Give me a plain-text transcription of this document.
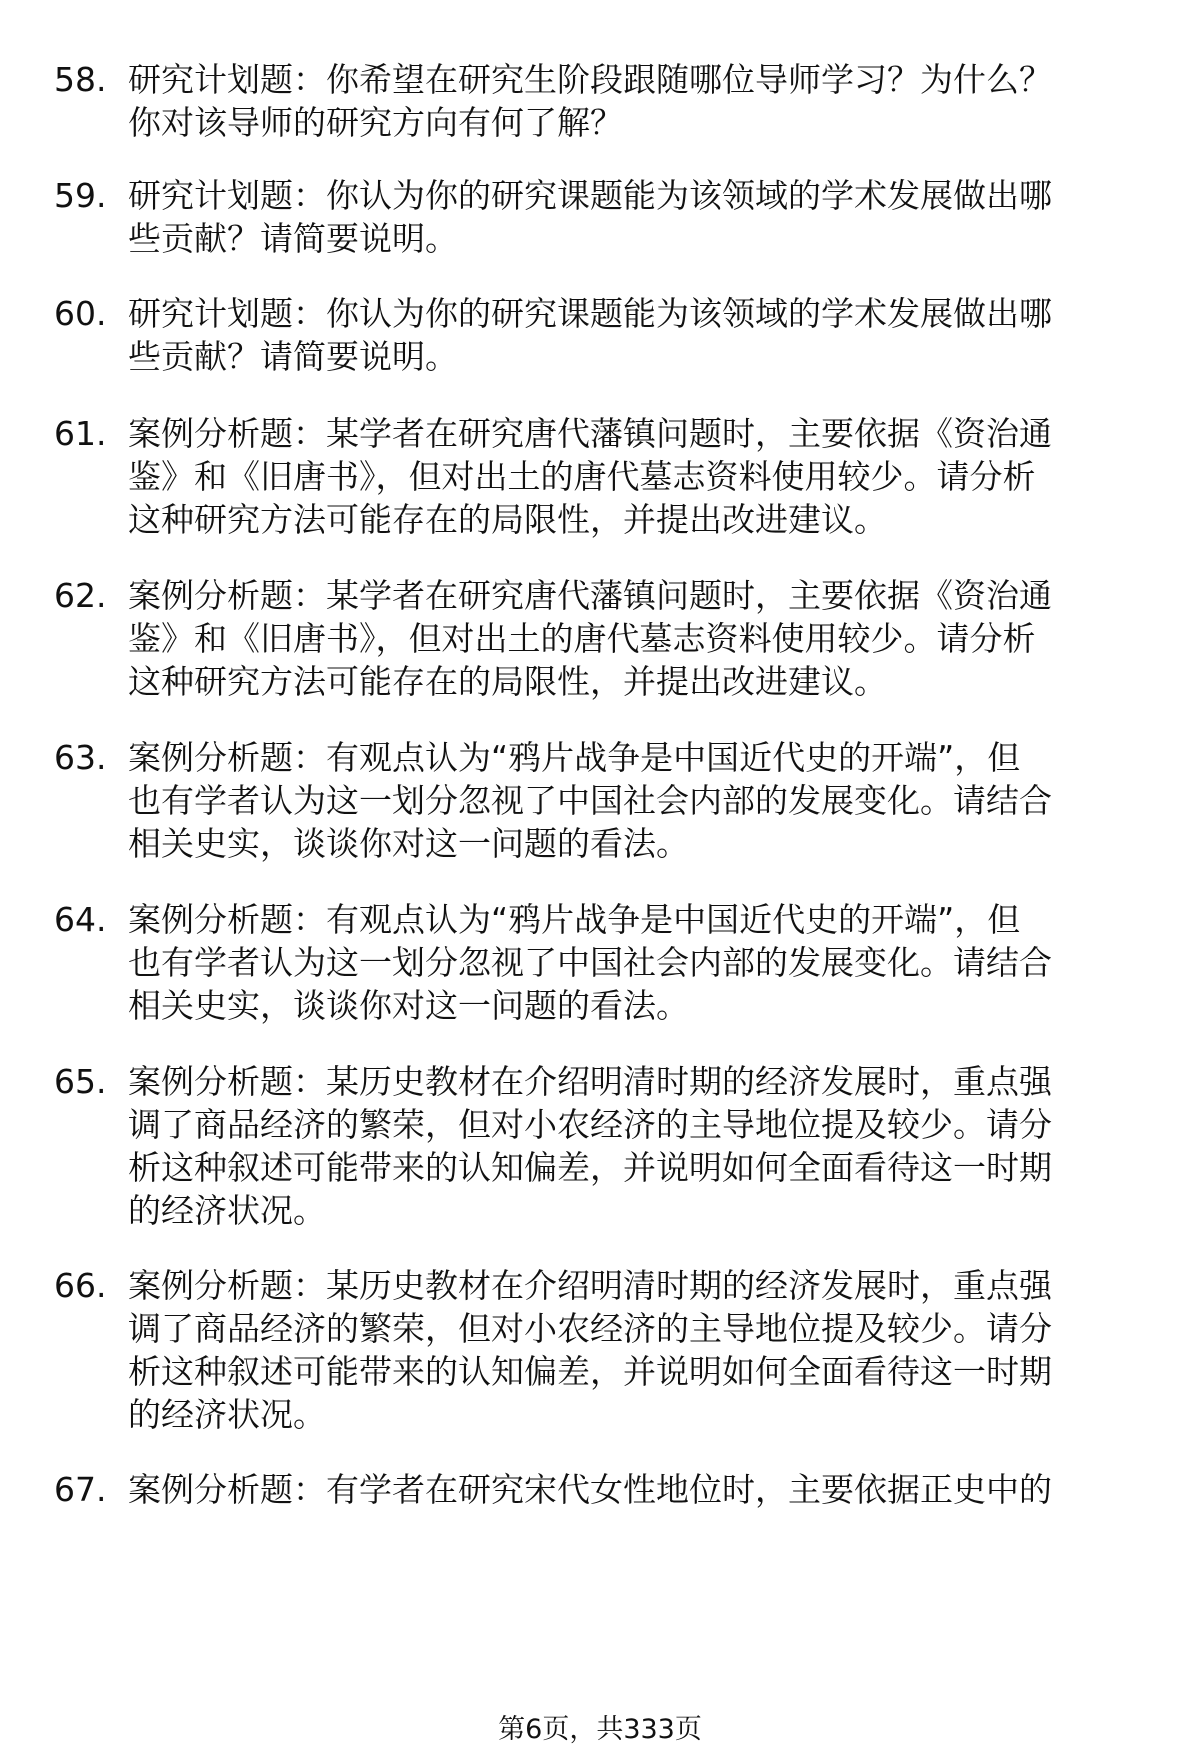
58. 研究计划题：你希望在研究生阶段跟随哪位导师学习？为什么？
你对该导师的研究方向有何了解？
59. 研究计划题：你认为你的研究课题能为该领域的学术发展做出哪
些贡献？请简要说明。
60. 研究计划题：你认为你的研究课题能为该领域的学术发展做出哪
些贡献？请简要说明。
61. 案例分析题：某学者在研究唐代藩镇问题时，主要依据《资治通
鉴》和《旧唐书》，但对出土的唐代墓志资料使用较少。请分析
这种研究方法可能存在的局限性，并提出改进建议。
62. 案例分析题：某学者在研究唐代藩镇问题时，主要依据《资治通
鉴》和《旧唐书》，但对出土的唐代墓志资料使用较少。请分析
这种研究方法可能存在的局限性，并提出改进建议。
63. 案例分析题：有观点认为“鸦片战争是中国近代史的开端”，但
也有学者认为这一划分忽视了中国社会内部的发展变化。请结合
相关史实，谈谈你对这一问题的看法。
64. 案例分析题：有观点认为“鸦片战争是中国近代史的开端”，但
也有学者认为这一划分忽视了中国社会内部的发展变化。请结合
相关史实，谈谈你对这一问题的看法。
65. 案例分析题：某历史教材在介绍明清时期的经济发展时，重点强
调了商品经济的繁荣，但对小农经济的主导地位提及较少。请分
析这种叙述可能带来的认知偏差，并说明如何全面看待这一时期
的经济状况。
66. 案例分析题：某历史教材在介绍明清时期的经济发展时，重点强
调了商品经济的繁荣，但对小农经济的主导地位提及较少。请分
析这种叙述可能带来的认知偏差，并说明如何全面看待这一时期
的经济状况。
67. 案例分析题：有学者在研究宋代女性地位时，主要依据正史中的
第6页，共333页
